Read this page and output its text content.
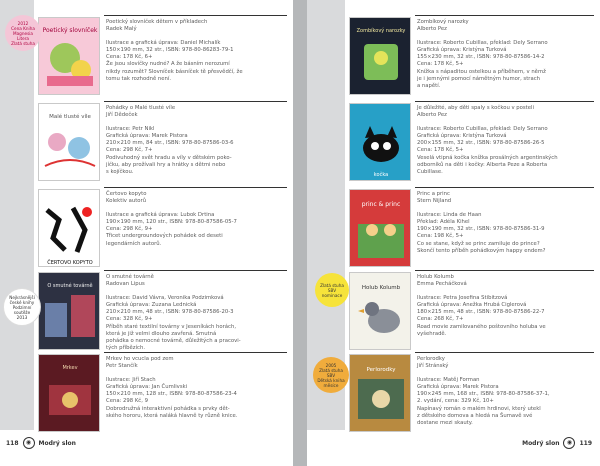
Poetický slovníček
Poetický slovníček dětem v příkladech
Radek Malý
Ilustrace a grafická úprava: Daniel Michalík
150×190 mm, 32 str., ISBN: 978-80-86283-79-1
Cena: 178 Kč, 6+
Že jsou slovíčky nudné? A že básním nerozumí
nikdy rozumět? Slovníček básníček tě přesvědčí, že
tomu tak rozhodně není.
Malé tlusté víle
Pohádky o Malé tlusté víle
Jiří Dědeček
Ilustrace: Petr Nikl
Grafická úprava: Marek Pistora
210×210 mm, 84 str., ISBN: 978-80-87586-03-6
Cena: 298 Kč, 7+
Podivuhodný svět hradu a víly v dětském poko-
jíčku, aby prožívali hry a hrátky s dětmi nebo
s kojíčkou.
ČERTOVO KOPYTO
Čertovo kopyto
Kolektiv autorů
Ilustrace a grafická úprava: Lubok Drtina
190×190 mm, 120 str., ISBN: 978-80-87586-05-7
Cena: 298 Kč, 9+
Třicet undergroundových pohádek od deseti
legendárních autorů.
O smutné továrně
O smutné továrně
Radovan Lipus
Ilustrace: David Vávra, Veronika Podzimková
Grafická úprava: Zuzana Lednická
210×210 mm, 48 str., ISBN: 978-80-87586-20-3
Cena: 328 Kč, 9+
Příběh staré textilní továrny v Jeseníkách horách,
která je již velmi dlouho zavřená. Smutná
pohádka o nemocné továrně, důležitých a pracovi-
tých příbězích.
Mrkev
Mrkev ho vcucla pod zem
Petr Stančík
Ilustrace: Jiří Stach
Grafická úprava: Jan Čumlivski
150×210 mm, 128 str., ISBN: 978-80-87586-23-4
Cena: 298 Kč, 9
Dobrodružná interaktivní pohádka s prvky dět-
ského hororu, která naláká hlavně ty různě knice.
2012
Cena Kniha
Magnesia
Litera
Zlatá stuha
Nejkrásnější
české knihy
Podzimní
soutěže
2013
118	◉	Modrý slon
Zombíkový narozky
Zombíkový narozky
Alberto Pez
Ilustrace: Roberto Cubillas, překlad: Dely Serrano
Grafická úprava: Kristýna Turková
155×230 mm, 32 str., ISBN: 978-80-87586-14-2
Cena: 178 Kč, 5+
Knížka s nápaditou ostelkou a příběhem, v němž
je i jemnými pomocí námětným humor, strach
a napětí.
kočka
Je důležité, aby děti spaly s kočkou v posteli
Alberto Pez
Ilustrace: Roberto Cubillas, překlad: Dely Serrano
Grafická úprava: Kristýna Turková
200×155 mm, 32 str., ISBN: 978-80-87586-26-5
Cena: 178 Kč, 5+
Veselá vtipná kočka knížka prosálných argentinských
odborníků na děti i kočky: Alberta Peze a Roberta
Cubillase.
princ & princ
Princ a princ
Stern Nijland
Ilustrace: Linda de Haan
Překlad: Adéla Kihel
190×190 mm, 32 str., ISBN: 978-80-87586-31-9
Cena: 198 Kč, 5+
Co se stane, když se princ zamiluje do prince?
Skončí tento příběh pohádkovým happy endem?
Holub Kolumb
Holub Kolumb
Emma Pecháčková
Ilustrace: Petra Josefina Stibitzová
Grafická úprava: Anežka Hrubá Ciglerová
180×215 mm, 48 str., ISBN: 978-80-87586-22-7
Cena: 268 Kč, 7+
Road movie zamilovaného poštovního holuba ve
vyšehradě.
Perlorodky
Perlorodky
Jiří Stránský
Ilustrace: Matěj Forman
Grafická úprava: Marek Pistora
190×245 mm, 168 str., ISBN: 978-80-87586-37-1,
2. vydání, cena: 329 Kč, 10+
Napínavý román o malém hrdinovi, který utekl
z dětského domova a hledá na Šumavě své
dostane mezi skauty.
Zlatá stuha
SBV
nominace
2005
Zlatá stuha
SBV
Dětská kniha
měsíce
Modrý slon	◉	119
